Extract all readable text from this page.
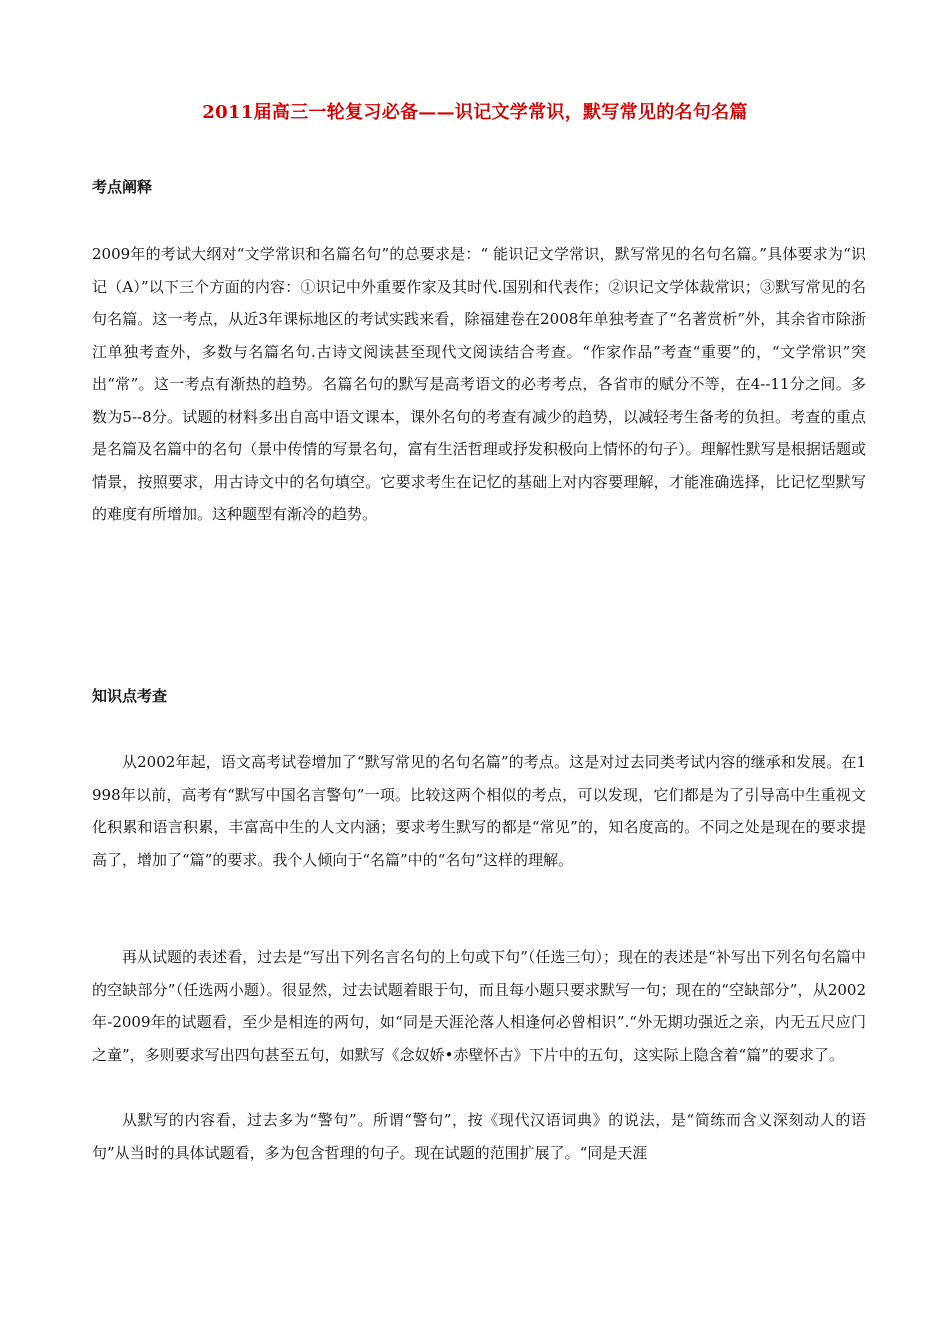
2011届高三一轮复习必备——识记文学常识，默写常见的名句名篇
考点阐释

2009年的考试大纲对“文学常识和名篇名句”的总要求是：“ 能识记文学常识，默写常见的名句名篇。”具体要求为“识记（A）”以下三个方面的内容：①识记中外重要作家及其时代.国别和代表作；②识记文学体裁常识；③默写常见的名句名篇。这一考点，从近3年课标地区的考试实践来看，除福建卷在2008年单独考查了“名著赏析”外，其余省市除浙江单独考查外，多数与名篇名句.古诗文阅读甚至现代文阅读结合考查。“作家作品”考查“重要”的，“文学常识”突出“常”。这一考点有渐热的趋势。名篇名句的默写是高考语文的必考考点，各省市的赋分不等，在4--11分之间。多数为5--8分。试题的材料多出自高中语文课本，课外名句的考查有减少的趋势，以减轻考生备考的负担。考查的重点是名篇及名篇中的名句（景中传情的写景名句，富有生活哲理或抒发积极向上情怀的句子）。理解性默写是根据话题或情景，按照要求，用古诗文中的名句填空。它要求考生在记忆的基础上对内容要理解，才能准确选择，比记忆型默写的难度有所增加。这种题型有渐冷的趋势。

知识点考查

从2002年起，语文高考试卷增加了“默写常见的名句名篇”的考点。这是对过去同类考试内容的继承和发展。在1998年以前，高考有“默写中国名言警句”一项。比较这两个相似的考点，可以发现，它们都是为了引导高中生重视文化积累和语言积累，丰富高中生的人文内涵；要求考生默写的都是“常见”的，知名度高的。不同之处是现在的要求提高了，增加了“篇”的要求。我个人倾向于“名篇”中的“名句”这样的理解。

再从试题的表述看，过去是“写出下列名言名句的上句或下句”（任选三句）；现在的表述是“补写出下列名句名篇中的空缺部分”（任选两小题）。很显然，过去试题着眼于句，而且每小题只要求默写一句；现在的“空缺部分”，从2002年-2009年的试题看，至少是相连的两句，如“同是天涯沦落人相逢何必曾相识”.“外无期功强近之亲，内无五尺应门之童”，多则要求写出四句甚至五句，如默写《念奴娇•赤壁怀古》下片中的五句，这实际上隐含着“篇”的要求了。

从默写的内容看，过去多为“警句”。所谓“警句”，按《现代汉语词典》的说法，是“简练而含义深刻动人的语句”从当时的具体试题看，多为包含哲理的句子。现在试题的范围扩展了。“同是天涯
